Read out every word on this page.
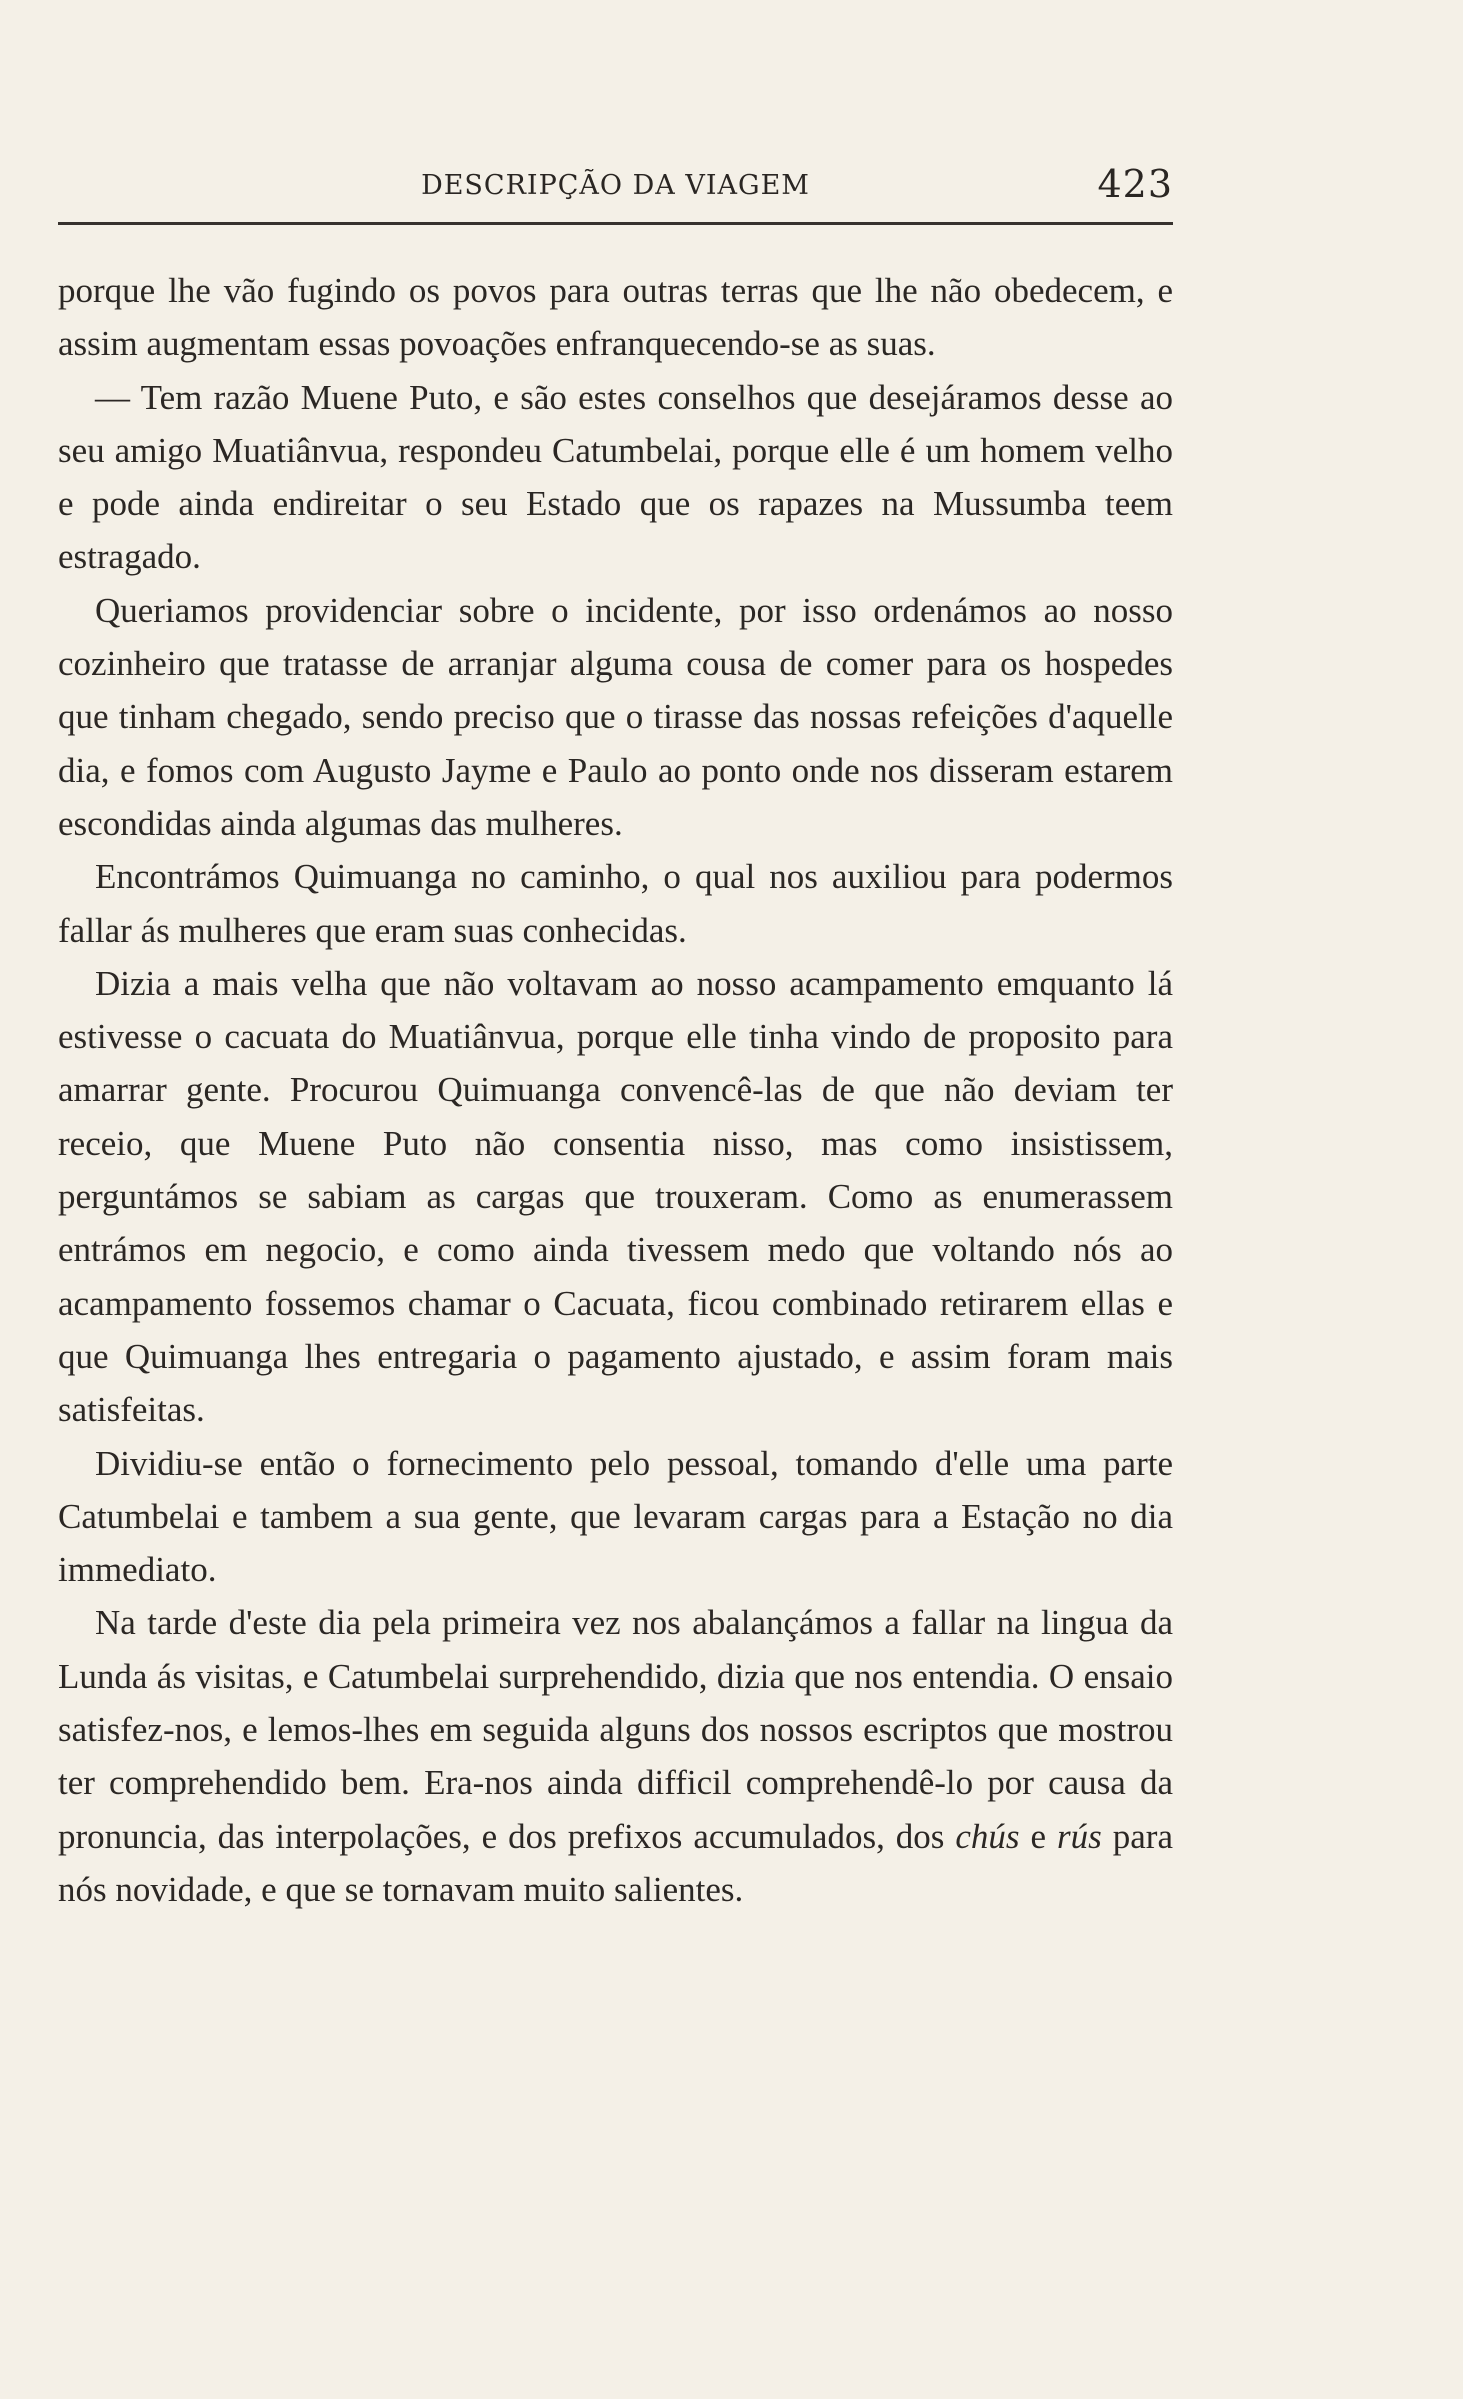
DESCRIPÇÃO DA VIAGEM	423

porque lhe vão fugindo os povos para outras terras que lhe não obedecem, e assim augmentam essas povoações enfranquecendo-se as suas.

— Tem razão Muene Puto, e são estes conselhos que desejáramos desse ao seu amigo Muatiânvua, respondeu Catumbelai, porque elle é um homem velho e pode ainda endireitar o seu Estado que os rapazes na Mussumba teem estragado.

Queriamos providenciar sobre o incidente, por isso ordenámos ao nosso cozinheiro que tratasse de arranjar alguma cousa de comer para os hospedes que tinham chegado, sendo preciso que o tirasse das nossas refeições d'aquelle dia, e fomos com Augusto Jayme e Paulo ao ponto onde nos disseram estarem escondidas ainda algumas das mulheres.

Encontrámos Quimuanga no caminho, o qual nos auxiliou para podermos fallar ás mulheres que eram suas conhecidas.

Dizia a mais velha que não voltavam ao nosso acampamento emquanto lá estivesse o cacuata do Muatiânvua, porque elle tinha vindo de proposito para amarrar gente. Procurou Quimuanga convencê-las de que não deviam ter receio, que Muene Puto não consentia nisso, mas como insistissem, perguntámos se sabiam as cargas que trouxeram. Como as enumerassem entrámos em negocio, e como ainda tivessem medo que voltando nós ao acampamento fossemos chamar o Cacuata, ficou combinado retirarem ellas e que Quimuanga lhes entregaria o pagamento ajustado, e assim foram mais satisfeitas.

Dividiu-se então o fornecimento pelo pessoal, tomando d'elle uma parte Catumbelai e tambem a sua gente, que levaram cargas para a Estação no dia immediato.

Na tarde d'este dia pela primeira vez nos abalançámos a fallar na lingua da Lunda ás visitas, e Catumbelai surprehendido, dizia que nos entendia. O ensaio satisfez-nos, e lemos-lhes em seguida alguns dos nossos escriptos que mostrou ter comprehendido bem. Era-nos ainda difficil comprehendê-lo por causa da pronuncia, das interpolações, e dos prefixos accumulados, dos chús e rús para nós novidade, e que se tornavam muito salientes.
